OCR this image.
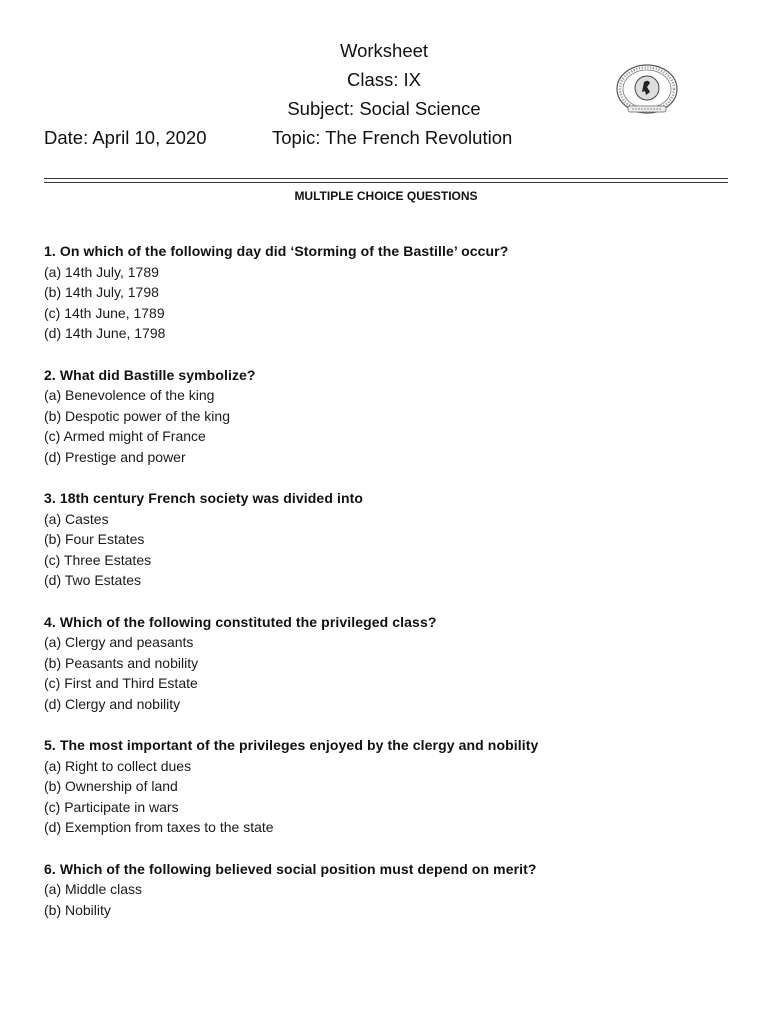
Worksheet
Class: IX
Subject: Social Science
Date: April 10, 2020	Topic: The French Revolution
MULTIPLE CHOICE QUESTIONS
1. On which of the following day did ‘Storming of the Bastille’ occur?
(a) 14th July, 1789
(b) 14th July, 1798
(c) 14th June, 1789
(d) 14th June, 1798
2. What did Bastille symbolize?
(a) Benevolence of the king
(b) Despotic power of the king
(c) Armed might of France
(d) Prestige and power
3. 18th century French society was divided into
(a) Castes
(b) Four Estates
(c) Three Estates
(d) Two Estates
4. Which of the following constituted the privileged class?
(a) Clergy and peasants
(b) Peasants and nobility
(c) First and Third Estate
(d) Clergy and nobility
5. The most important of the privileges enjoyed by the clergy and nobility
(a) Right to collect dues
(b) Ownership of land
(c) Participate in wars
(d) Exemption from taxes to the state
6. Which of the following believed social position must depend on merit?
(a) Middle class
(b) Nobility
